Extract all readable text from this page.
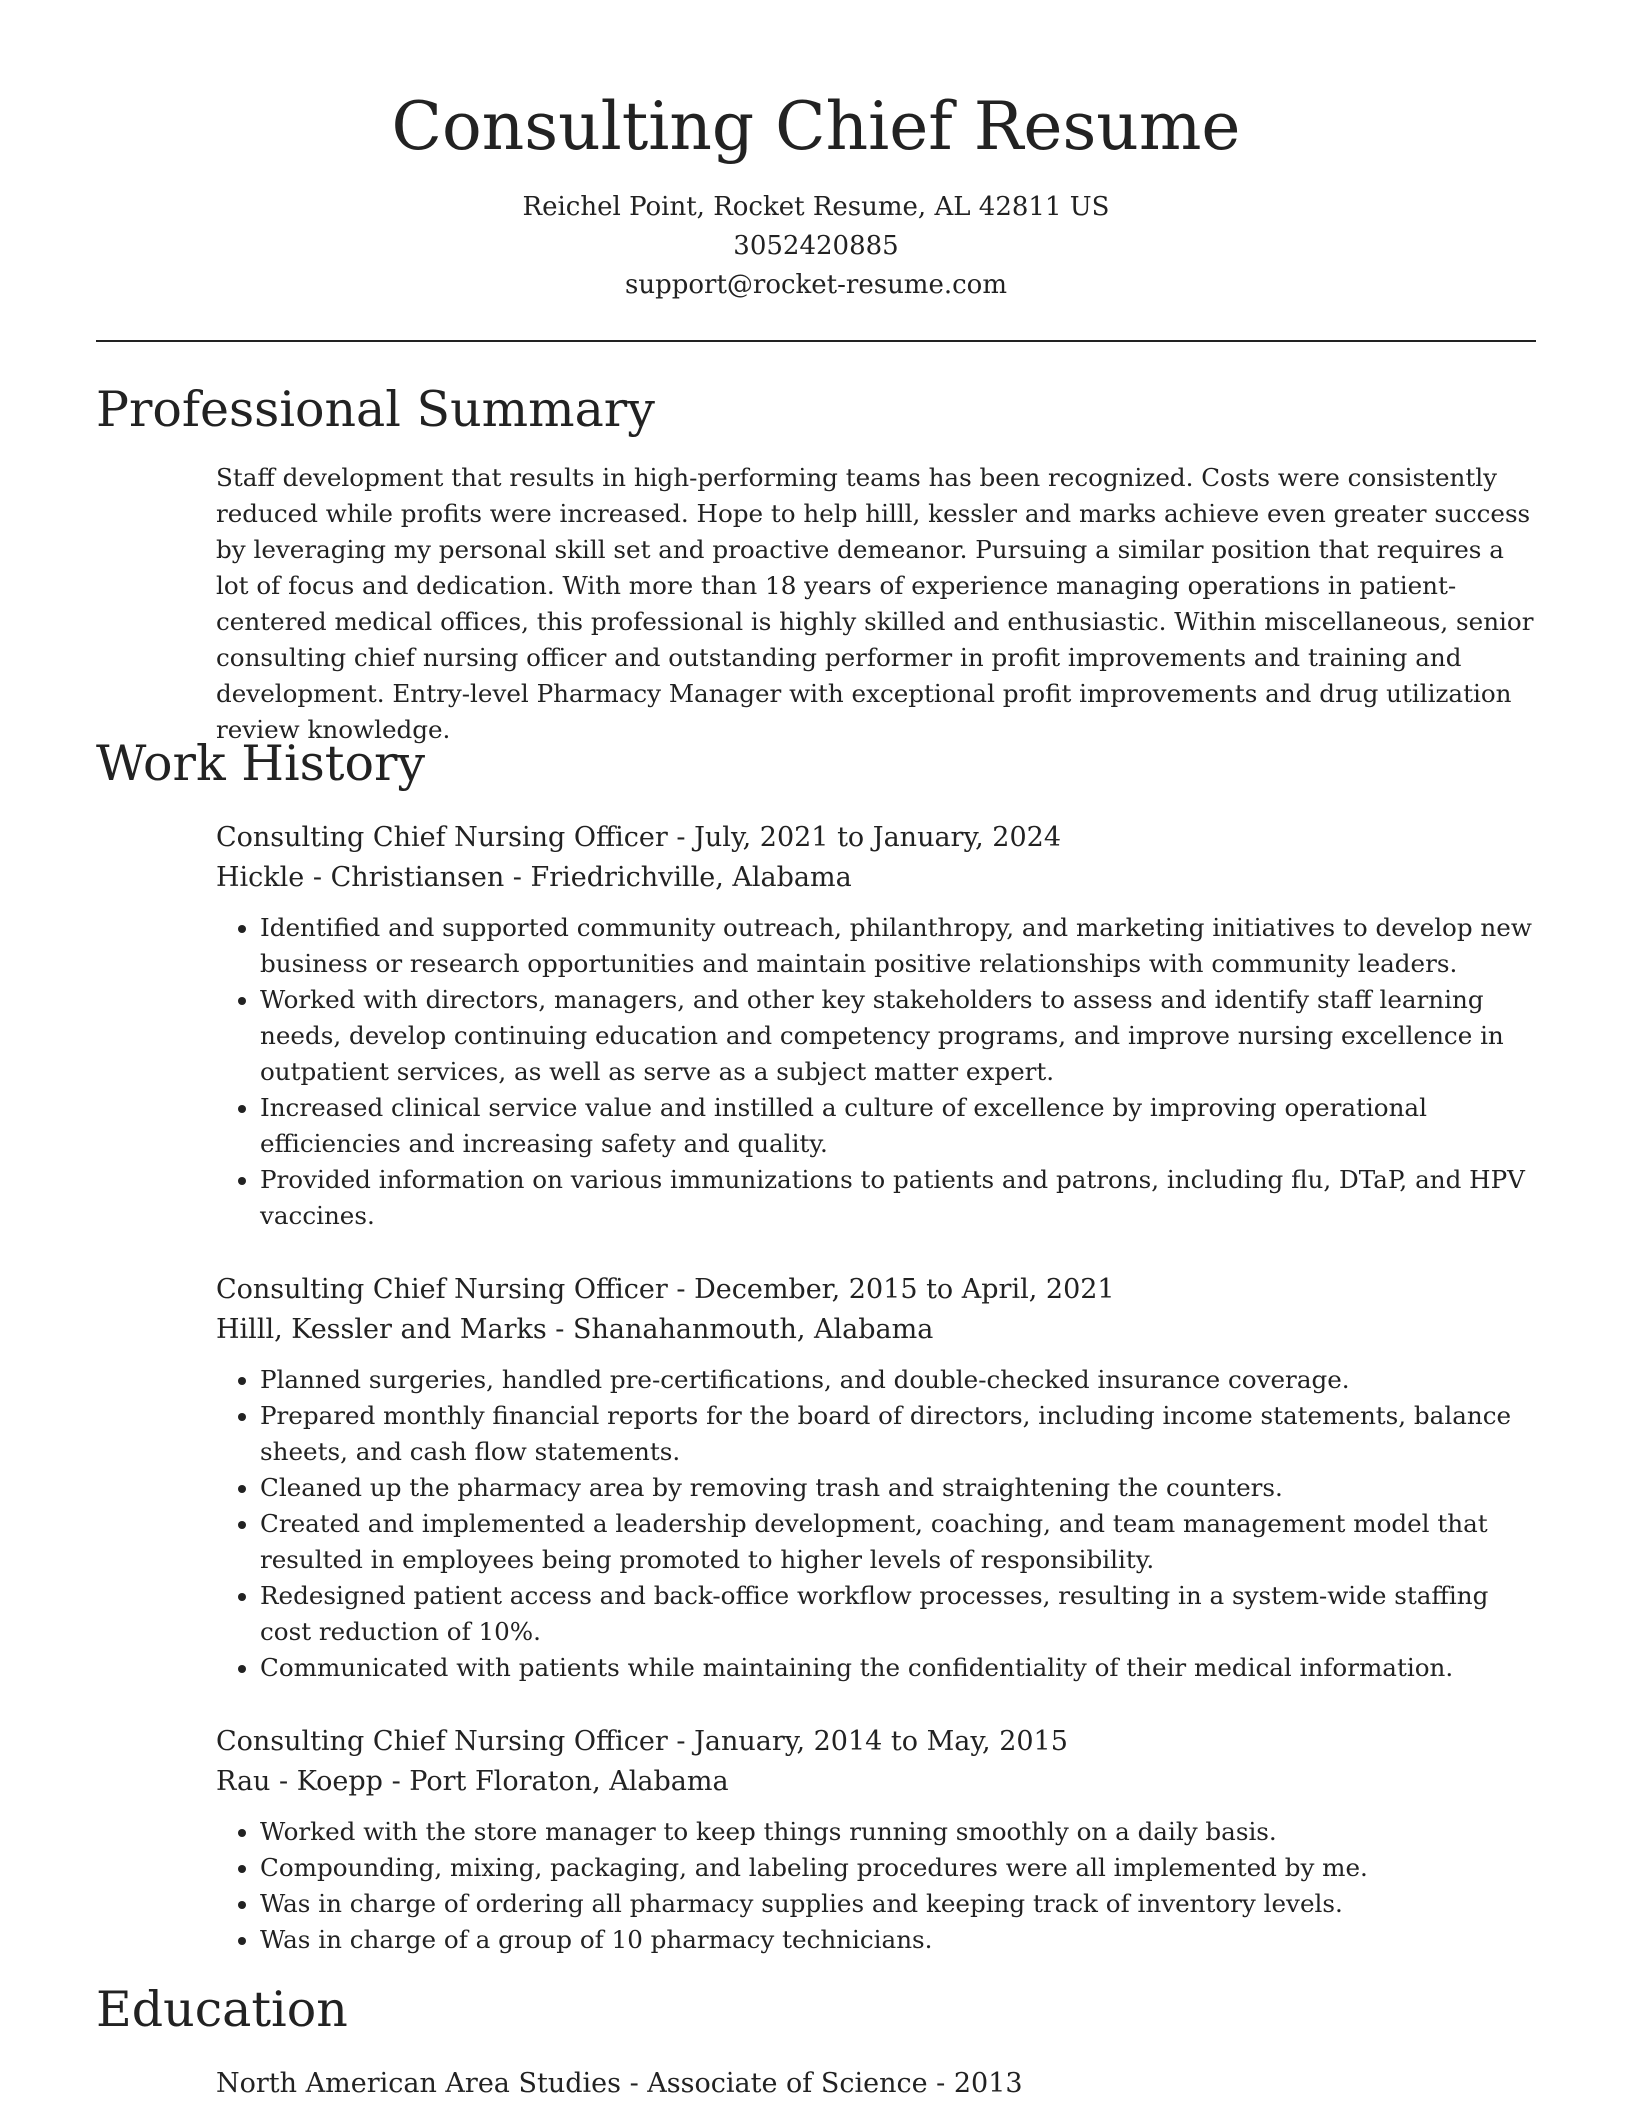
Consulting Chief Resume
Reichel Point, Rocket Resume, AL 42811 US
3052420885
support@rocket-resume.com
Professional Summary
Staff development that results in high-performing teams has been recognized. Costs were consistently reduced while profits were increased. Hope to help hilll, kessler and marks achieve even greater success by leveraging my personal skill set and proactive demeanor. Pursuing a similar position that requires a lot of focus and dedication. With more than 18 years of experience managing operations in patient-centered medical offices, this professional is highly skilled and enthusiastic. Within miscellaneous, senior consulting chief nursing officer and outstanding performer in profit improvements and training and development. Entry-level Pharmacy Manager with exceptional profit improvements and drug utilization review knowledge.
Work History
Consulting Chief Nursing Officer - July, 2021 to January, 2024
Hickle - Christiansen - Friedrichville, Alabama
• Identified and supported community outreach, philanthropy, and marketing initiatives to develop new business or research opportunities and maintain positive relationships with community leaders.
• Worked with directors, managers, and other key stakeholders to assess and identify staff learning needs, develop continuing education and competency programs, and improve nursing excellence in outpatient services, as well as serve as a subject matter expert.
• Increased clinical service value and instilled a culture of excellence by improving operational efficiencies and increasing safety and quality.
• Provided information on various immunizations to patients and patrons, including flu, DTaP, and HPV vaccines.
Consulting Chief Nursing Officer - December, 2015 to April, 2021
Hilll, Kessler and Marks - Shanahanmouth, Alabama
• Planned surgeries, handled pre-certifications, and double-checked insurance coverage.
• Prepared monthly financial reports for the board of directors, including income statements, balance sheets, and cash flow statements.
• Cleaned up the pharmacy area by removing trash and straightening the counters.
• Created and implemented a leadership development, coaching, and team management model that resulted in employees being promoted to higher levels of responsibility.
• Redesigned patient access and back-office workflow processes, resulting in a system-wide staffing cost reduction of 10%.
• Communicated with patients while maintaining the confidentiality of their medical information.
Consulting Chief Nursing Officer - January, 2014 to May, 2015
Rau - Koepp - Port Floraton, Alabama
• Worked with the store manager to keep things running smoothly on a daily basis.
• Compounding, mixing, packaging, and labeling procedures were all implemented by me.
• Was in charge of ordering all pharmacy supplies and keeping track of inventory levels.
• Was in charge of a group of 10 pharmacy technicians.
Education
North American Area Studies - Associate of Science - 2013
